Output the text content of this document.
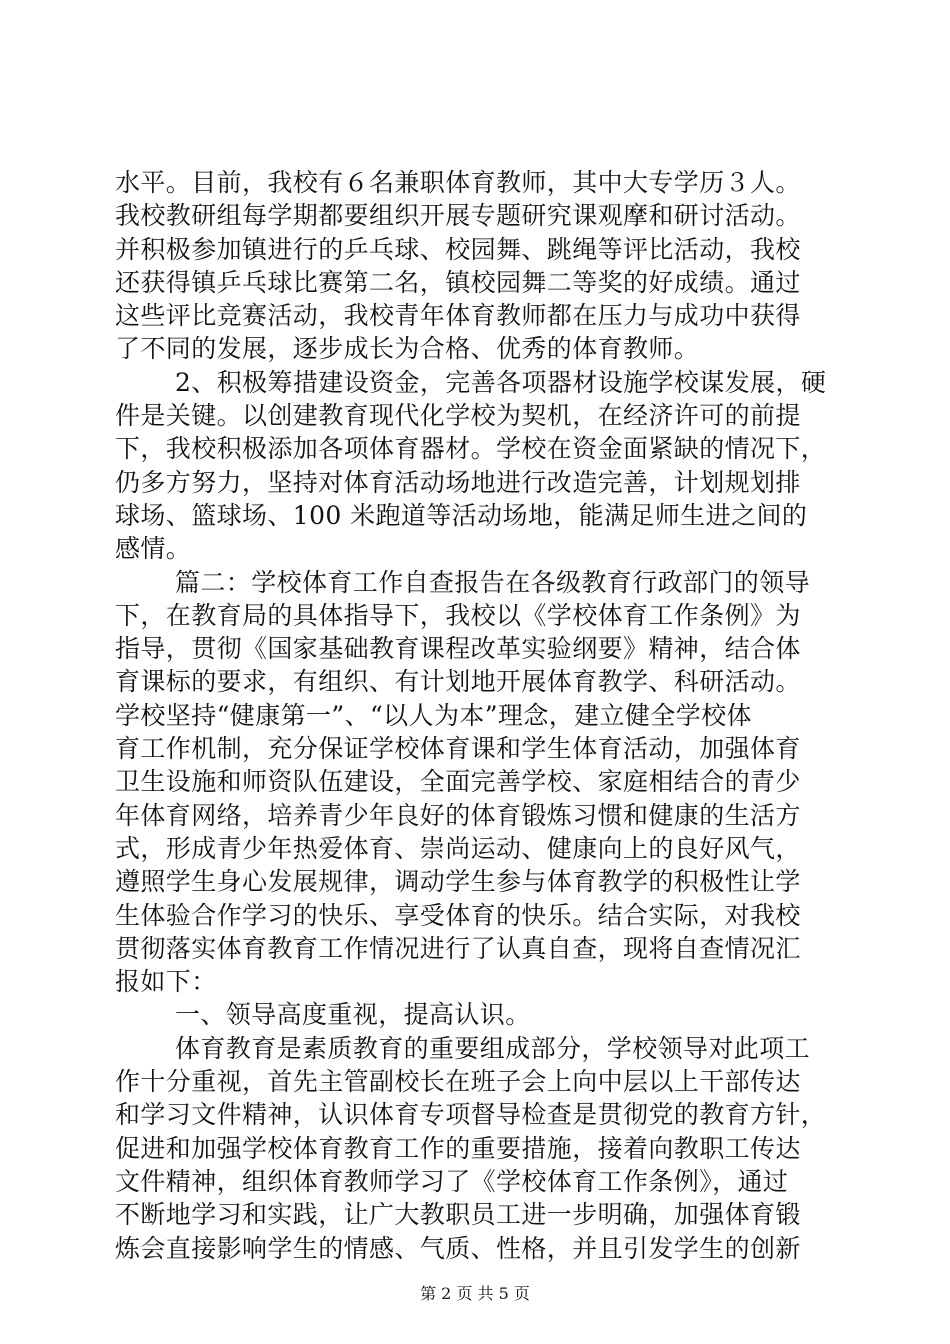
水平。目前，我校有６名兼职体育教师，其中大专学历３人。
我校教研组每学期都要组织开展专题研究课观摩和研讨活动。
并积极参加镇进行的乒乓球、校园舞、跳绳等评比活动，我校
还获得镇乒乓球比赛第二名，镇校园舞二等奖的好成绩。通过
这些评比竞赛活动，我校青年体育教师都在压力与成功中获得
了不同的发展，逐步成长为合格、优秀的体育教师。
2、积极筹措建设资金，完善各项器材设施学校谋发展，硬
件是关键。以创建教育现代化学校为契机，在经济许可的前提
下，我校积极添加各项体育器材。学校在资金面紧缺的情况下，
仍多方努力，坚持对体育活动场地进行改造完善，计划规划排
球场、篮球场、100 米跑道等活动场地，能满足师生进之间的
感情。
篇二：学校体育工作自查报告在各级教育行政部门的领导
下，在教育局的具体指导下，我校以《学校体育工作条例》为
指导，贯彻《国家基础教育课程改革实验纲要》精神，结合体
育课标的要求，有组织、有计划地开展体育教学、科研活动。
学校坚持“健康第一”、“以人为本”理念，建立健全学校体
育工作机制，充分保证学校体育课和学生体育活动，加强体育
卫生设施和师资队伍建设，全面完善学校、家庭相结合的青少
年体育网络，培养青少年良好的体育锻炼习惯和健康的生活方
式，形成青少年热爱体育、崇尚运动、健康向上的良好风气，
遵照学生身心发展规律，调动学生参与体育教学的积极性让学
生体验合作学习的快乐、享受体育的快乐。结合实际，对我校
贯彻落实体育教育工作情况进行了认真自查，现将自查情况汇
报如下：
一、领导高度重视，提高认识。
体育教育是素质教育的重要组成部分，学校领导对此项工
作十分重视，首先主管副校长在班子会上向中层以上干部传达
和学习文件精神，认识体育专项督导检查是贯彻党的教育方针，
促进和加强学校体育教育工作的重要措施，接着向教职工传达
文件精神，组织体育教师学习了《学校体育工作条例》，通过
不断地学习和实践，让广大教职员工进一步明确，加强体育锻
炼会直接影响学生的情感、气质、性格，并且引发学生的创新
第 2 页 共 5 页
